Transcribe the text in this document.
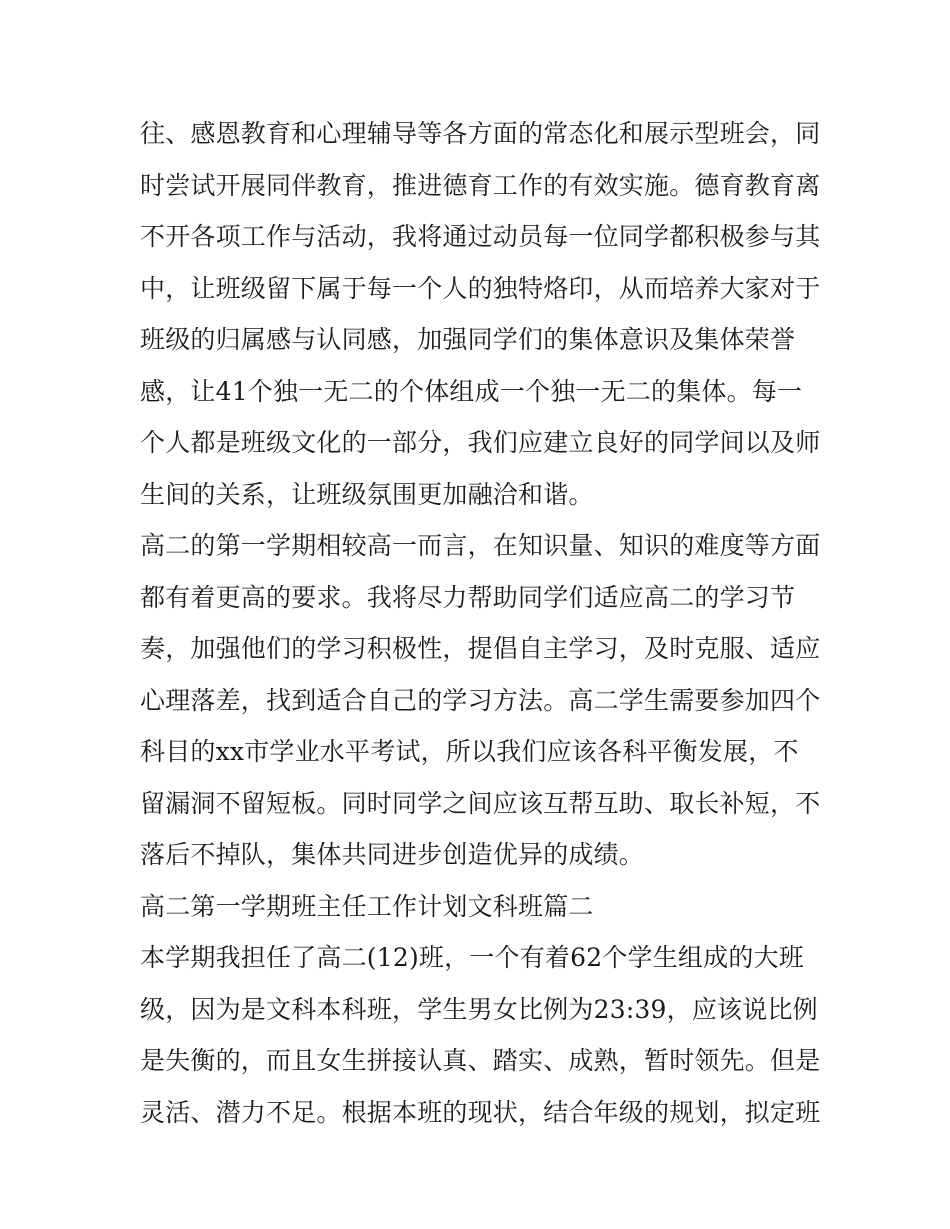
往、感恩教育和心理辅导等各方面的常态化和展示型班会，同
时尝试开展同伴教育，推进德育工作的有效实施。德育教育离
不开各项工作与活动，我将通过动员每一位同学都积极参与其
中，让班级留下属于每一个人的独特烙印，从而培养大家对于
班级的归属感与认同感，加强同学们的集体意识及集体荣誉
感，让41个独一无二的个体组成一个独一无二的集体。每一
个人都是班级文化的一部分，我们应建立良好的同学间以及师
生间的关系，让班级氛围更加融洽和谐。
高二的第一学期相较高一而言，在知识量、知识的难度等方面
都有着更高的要求。我将尽力帮助同学们适应高二的学习节
奏，加强他们的学习积极性，提倡自主学习，及时克服、适应
心理落差，找到适合自己的学习方法。高二学生需要参加四个
科目的xx市学业水平考试，所以我们应该各科平衡发展，不
留漏洞不留短板。同时同学之间应该互帮互助、取长补短，不
落后不掉队，集体共同进步创造优异的成绩。
高二第一学期班主任工作计划文科班篇二
本学期我担任了高二(12)班，一个有着62个学生组成的大班
级，因为是文科本科班，学生男女比例为23:39，应该说比例
是失衡的，而且女生拼接认真、踏实、成熟，暂时领先。但是
灵活、潜力不足。根据本班的现状，结合年级的规划，拟定班
